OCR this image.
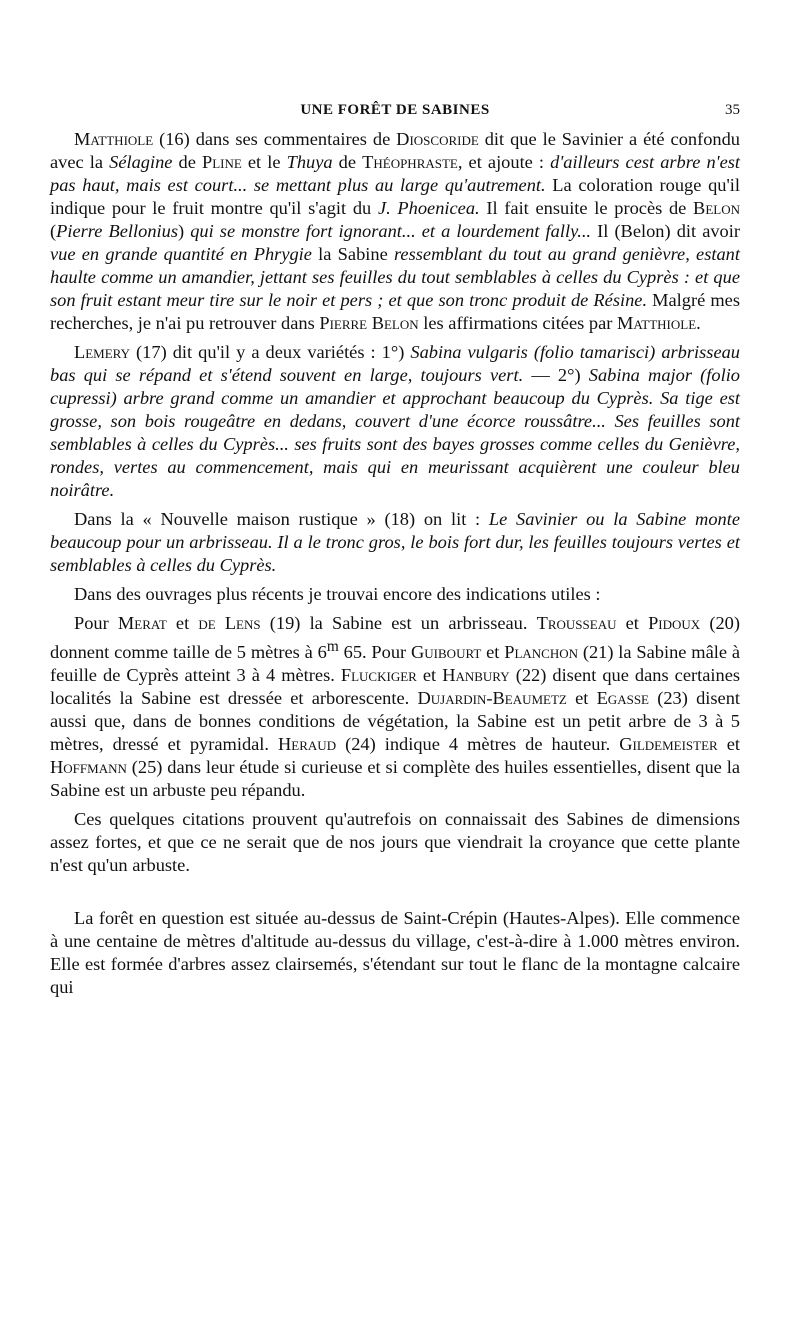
UNE FORÊT DE SABINES	35

Matthiole (16) dans ses commentaires de Dioscoride dit que le Savinier a été confondu avec la Sélagine de Pline et le Thuya de Théophraste, et ajoute : d'ailleurs cest arbre n'est pas haut, mais est court... se mettant plus au large qu'autrement. La coloration rouge qu'il indique pour le fruit montre qu'il s'agit du J. Phoenicea. Il fait ensuite le procès de Belon (Pierre Bellonius) qui se monstre fort ignorant... et a lourdement fally... Il (Belon) dit avoir vue en grande quantité en Phrygie la Sabine ressemblant du tout au grand genièvre, estant haulte comme un amandier, jettant ses feuilles du tout semblables à celles du Cyprès : et que son fruit estant meur tire sur le noir et pers ; et que son tronc produit de Résine. Malgré mes recherches, je n'ai pu retrouver dans Pierre Belon les affirmations citées par Matthiole.

Lemery (17) dit qu'il y a deux variétés : 1°) Sabina vulgaris (folio tamarisci) arbrisseau bas qui se répand et s'étend souvent en large, toujours vert. — 2°) Sabina major (folio cupressi) arbre grand comme un amandier et approchant beaucoup du Cyprès. Sa tige est grosse, son bois rougeâtre en dedans, couvert d'une écorce roussâtre... Ses feuilles sont semblables à celles du Cyprès... ses fruits sont des bayes grosses comme celles du Genièvre, rondes, vertes au commencement, mais qui en meurissant acquièrent une couleur bleu noirâtre.

Dans la « Nouvelle maison rustique » (18) on lit : Le Savinier ou la Sabine monte beaucoup pour un arbrisseau. Il a le tronc gros, le bois fort dur, les feuilles toujours vertes et semblables à celles du Cyprès.

Dans des ouvrages plus récents je trouvai encore des indications utiles :

Pour Merat et de Lens (19) la Sabine est un arbrisseau. Trousseau et Pidoux (20) donnent comme taille de 5 mètres à 6$^m$ 65. Pour Guibourt et Planchon (21) la Sabine mâle à feuille de Cyprès atteint 3 à 4 mètres. Fluckiger et Hanbury (22) disent que dans certaines localités la Sabine est dressée et arborescente. Dujardin-Beaumetz et Egasse (23) disent aussi que, dans de bonnes conditions de végétation, la Sabine est un petit arbre de 3 à 5 mètres, dressé et pyramidal. Heraud (24) indique 4 mètres de hauteur. Gildemeister et Hoffmann (25) dans leur étude si curieuse et si complète des huiles essentielles, disent que la Sabine est un arbuste peu répandu.

Ces quelques citations prouvent qu'autrefois on connaissait des Sabines de dimensions assez fortes, et que ce ne serait que de nos jours que viendrait la croyance que cette plante n'est qu'un arbuste.

La forêt en question est située au-dessus de Saint-Crépin (Hautes-Alpes). Elle commence à une centaine de mètres d'altitude au-dessus du village, c'est-à-dire à 1.000 mètres environ. Elle est formée d'arbres assez clairsemés, s'étendant sur tout le flanc de la montagne calcaire qui
